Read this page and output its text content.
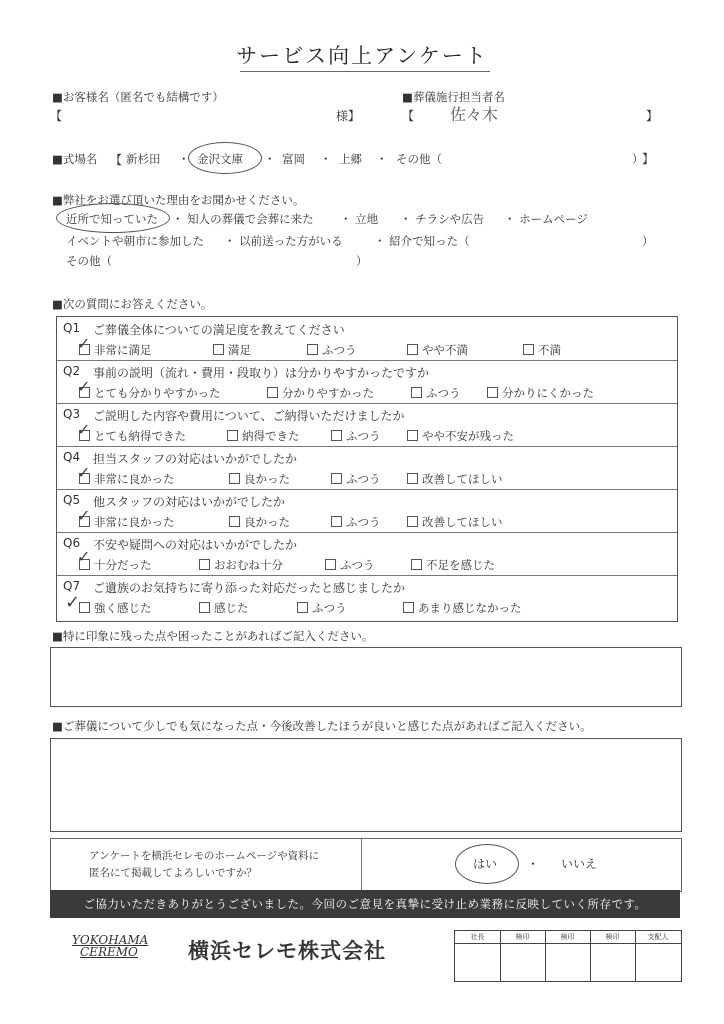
サービス向上アンケート
■お客様名（匿名でも結構です）
【	様】
■葬儀施行担当者名
【 佐々木	】
■式場名 【 新杉田 ・ 金沢文庫 ・ 富岡 ・ 上郷 ・ その他（	）
】
■弊社をお選び頂いた理由をお聞かせください。
近所で知っていた ・ 知人の葬儀で会葬に来た ・ 立地 ・ チラシや広告 ・ ホームページ
イベントや朝市に参加した ・ 以前送った方がいる	・ 紹介で知った（	）
その他（	）
■次の質問にお答えください。
Q1 ご葬儀全体についての満足度を教えてください
非常に満足	満足	ふつう	やや不満	不満
✓
Q2 事前の説明（流れ・費用・段取り）は分かりやすかったですか
とても分かりやすかった	分かりやすかった	ふつう	分かりにくかった
✓
Q3 ご説明した内容や費用について、ご納得いただけましたか
とても納得できた	納得できた	ふつう	やや不安が残った
✓
Q4 担当スタッフの対応はいかがでしたか
非常に良かった	良かった	ふつう	改善してほしい
✓
Q5 他スタッフの対応はいかがでしたか
非常に良かった	良かった	ふつう	改善してほしい
✓
Q6 不安や疑問への対応はいかがでしたか
十分だった	おおむね十分	ふつう	不足を感じた
✓
Q7 ご遺族のお気持ちに寄り添った対応だったと感じましたか
強く感じた	感じた	ふつう	あまり感じなかった
✓
■特に印象に残った点や困ったことがあればご記入ください。
■ご葬儀について少しでも気になった点・今後改善したほうが良いと感じた点があればご記入ください。
アンケートを横浜セレモのホームページや資料に
匿名にて掲載してよろしいですか？
はい ・ いいえ
ご協力いただきありがとうございました。今回のご意見を真摯に受け止め業務に反映していく所存です。
YOKOHAMA
CEREMO	横浜セレモ株式会社
社長	検印	検印	検印	支配人
